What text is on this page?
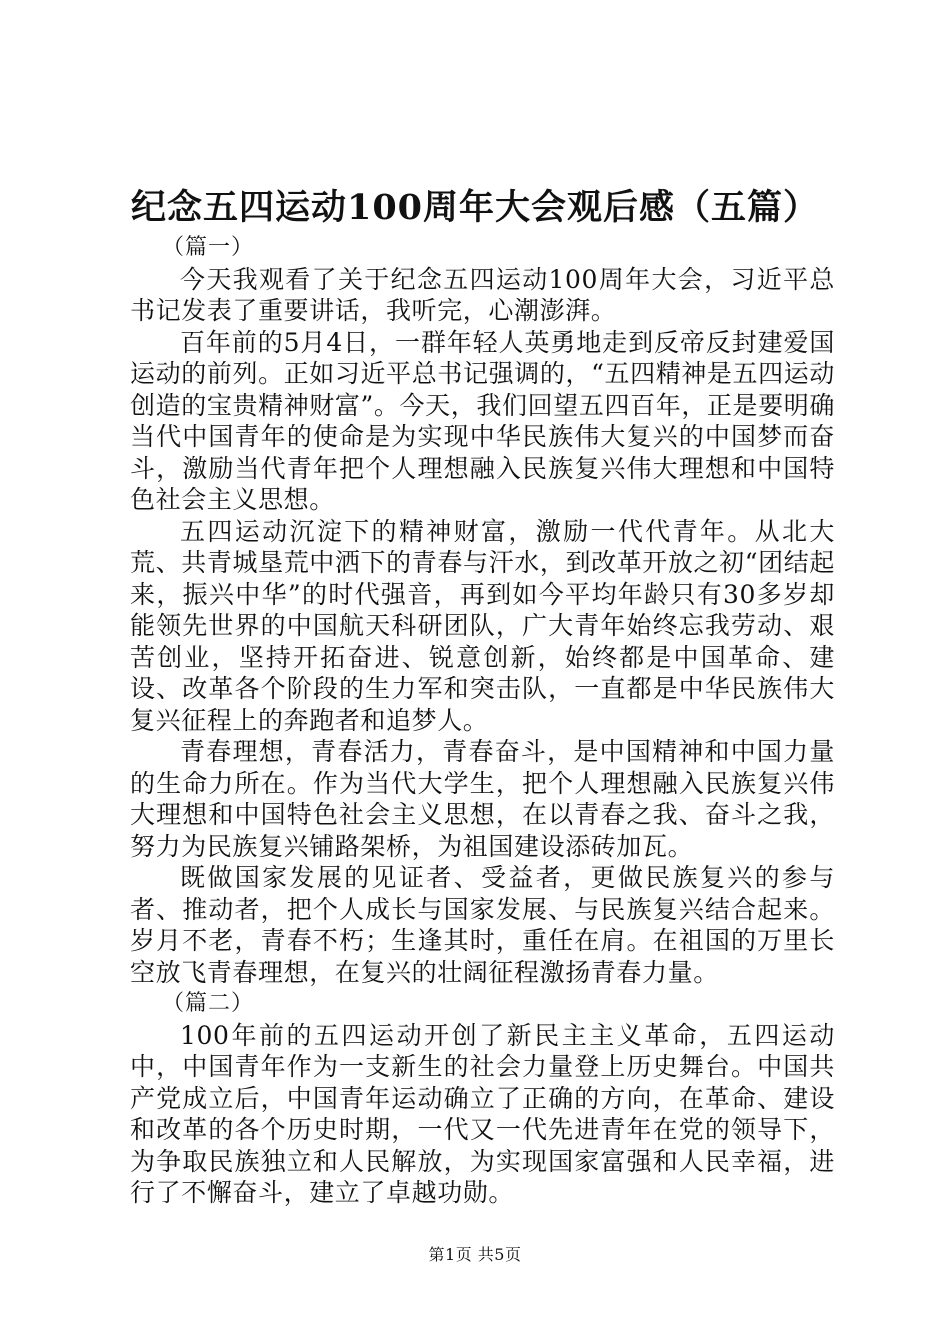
纪念五四运动100周年大会观后感（五篇）
（篇一）

今天我观看了关于纪念五四运动100周年大会，习近平总书记发表了重要讲话，我听完，心潮澎湃。

百年前的5月4日，一群年轻人英勇地走到反帝反封建爱国运动的前列。正如习近平总书记强调的，“五四精神是五四运动创造的宝贵精神财富”。今天，我们回望五四百年，正是要明确当代中国青年的使命是为实现中华民族伟大复兴的中国梦而奋斗，激励当代青年把个人理想融入民族复兴伟大理想和中国特色社会主义思想。

五四运动沉淀下的精神财富，激励一代代青年。从北大荒、共青城垦荒中洒下的青春与汗水，到改革开放之初“团结起来，振兴中华”的时代强音，再到如今平均年龄只有30多岁却能领先世界的中国航天科研团队，广大青年始终忘我劳动、艰苦创业，坚持开拓奋进、锐意创新，始终都是中国革命、建设、改革各个阶段的生力军和突击队，一直都是中华民族伟大复兴征程上的奔跑者和追梦人。

青春理想，青春活力，青春奋斗，是中国精神和中国力量的生命力所在。作为当代大学生，把个人理想融入民族复兴伟大理想和中国特色社会主义思想，在以青春之我、奋斗之我，努力为民族复兴铺路架桥，为祖国建设添砖加瓦。

既做国家发展的见证者、受益者，更做民族复兴的参与者、推动者，把个人成长与国家发展、与民族复兴结合起来。岁月不老，青春不朽；生逢其时，重任在肩。在祖国的万里长空放飞青春理想，在复兴的壮阔征程激扬青春力量。

（篇二）

100年前的五四运动开创了新民主主义革命，五四运动中，中国青年作为一支新生的社会力量登上历史舞台。中国共产党成立后，中国青年运动确立了正确的方向，在革命、建设和改革的各个历史时期，一代又一代先进青年在党的领导下，为争取民族独立和人民解放，为实现国家富强和人民幸福，进行了不懈奋斗，建立了卓越功勋。

第1页 共5页
